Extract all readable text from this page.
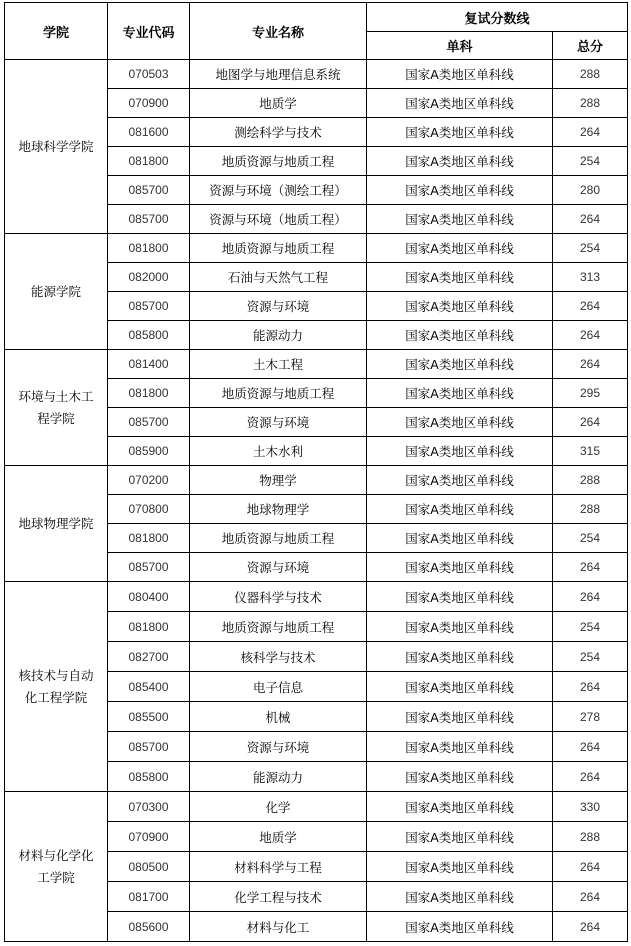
学院	专业代码	专业名称	复试分数线	
			单科	总分
地球科学学院	070503	地图学与地理信息系统	国家A类地区单科线	288
	070900	地质学	国家A类地区单科线	288
	081600	测绘科学与技术	国家A类地区单科线	264
	081800	地质资源与地质工程	国家A类地区单科线	254
	085700	资源与环境（测绘工程）	国家A类地区单科线	280
	085700	资源与环境（地质工程）	国家A类地区单科线	264
能源学院	081800	地质资源与地质工程	国家A类地区单科线	254
	082000	石油与天然气工程	国家A类地区单科线	313
	085700	资源与环境	国家A类地区单科线	264
	085800	能源动力	国家A类地区单科线	264
环境与土木工程学院	081400	土木工程	国家A类地区单科线	264
	081800	地质资源与地质工程	国家A类地区单科线	295
	085700	资源与环境	国家A类地区单科线	264
	085900	土木水利	国家A类地区单科线	315
地球物理学院	070200	物理学	国家A类地区单科线	288
	070800	地球物理学	国家A类地区单科线	288
	081800	地质资源与地质工程	国家A类地区单科线	254
	085700	资源与环境	国家A类地区单科线	264
核技术与自动化工程学院	080400	仪器科学与技术	国家A类地区单科线	264
	081800	地质资源与地质工程	国家A类地区单科线	254
	082700	核科学与技术	国家A类地区单科线	254
	085400	电子信息	国家A类地区单科线	264
	085500	机械	国家A类地区单科线	278
	085700	资源与环境	国家A类地区单科线	264
	085800	能源动力	国家A类地区单科线	264
材料与化学化工学院	070300	化学	国家A类地区单科线	330
	070900	地质学	国家A类地区单科线	288
	080500	材料科学与工程	国家A类地区单科线	264
	081700	化学工程与技术	国家A类地区单科线	264
	085600	材料与化工	国家A类地区单科线	264
